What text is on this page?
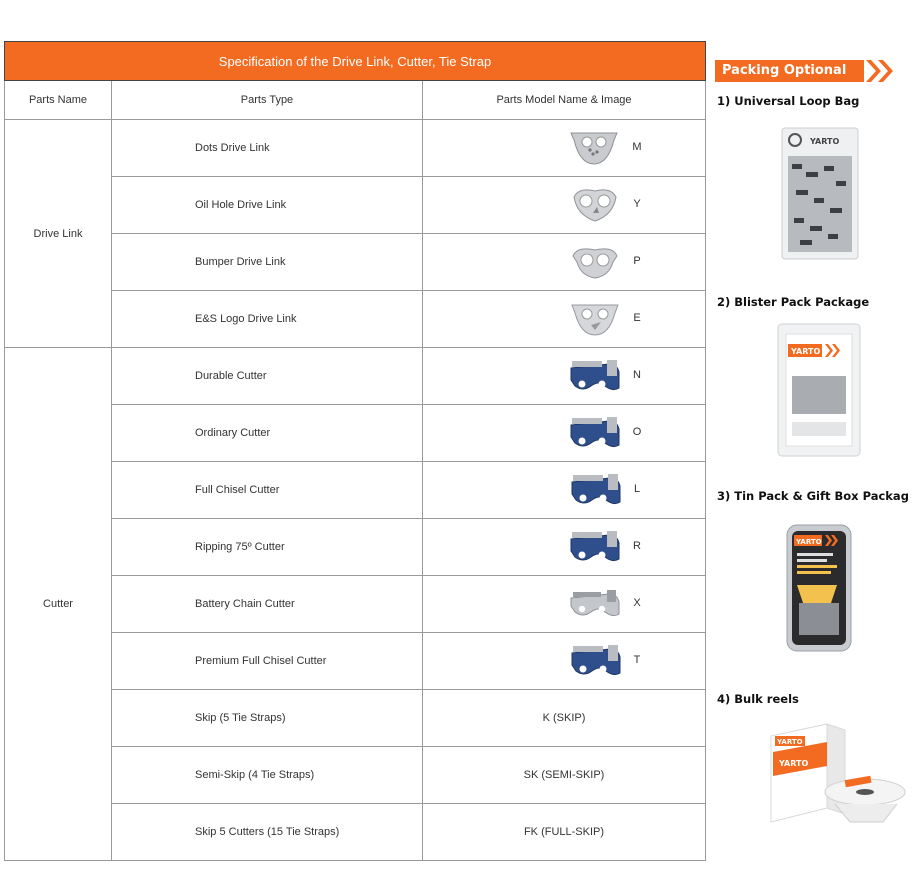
Specification of the Drive Link, Cutter, Tie Strap		
Parts Name	Parts Type	Parts Model Name & Image
Drive Link	Dots Drive Link	M

	Oil Hole Drive Link	Y

	Bumper Drive Link	P

	E&S Logo Drive Link	E

Cutter	Durable Cutter	N

	Ordinary Cutter	O

	Full Chisel Cutter	L

	Ripping 75º Cutter	R

	Battery Chain Cutter	X

	Premium Full Chisel Cutter	T

	Skip (5 Tie Straps)	K (SKIP)

	Semi-Skip (4 Tie Straps)	SK (SEMI-SKIP)

	Skip 5 Cutters (15 Tie Straps)	FK (FULL-SKIP)
Packing Optional
1) Universal Loop Bag
2) Blister Pack Package
3) Tin Pack & Gift Box Packag
4) Bulk reels
YARTO
YARTO
YARTO
YARTO
YARTO
